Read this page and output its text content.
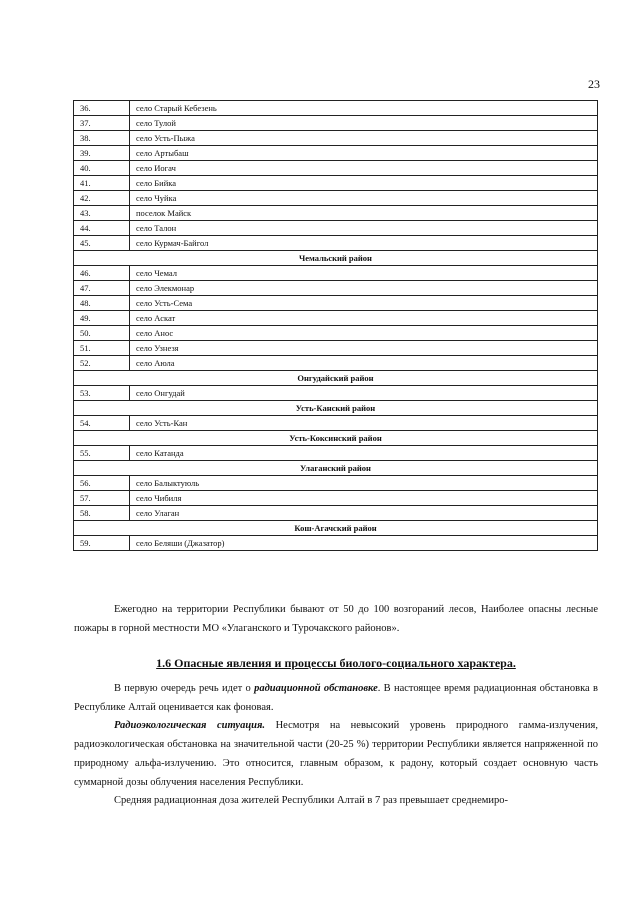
23
36.	село Старый Кебезень
37.	село Тулой
38.	село Усть-Пыжа
39.	село Артыбаш
40.	село Иогач
41.	село Бийка
42.	село Чуйка
43.	поселок Майск
44.	село Талон
45.	село Курмач-Байгол
Чемальский район	
46.	село Чемал
47.	село Элекмонар
48.	село Усть-Сема
49.	село Аскат
50.	село Анос
51.	село Узнезя
52.	село Аюла
Онгудайский район	
53.	село Онгудай
Усть-Канский район	
54.	село Усть-Кан
Усть-Коксинский район	
55.	село Катанда
Улаганский район	
56.	село Балыктуюль
57.	село Чибиля
58.	село Улаган
Кош-Агачский район	
59.	село Беляши (Джазатор)
Ежегодно на территории Республики бывают от 50 до 100 возгораний лесов, Наиболее опасны лесные пожары в горной местности МО «Улаганского и Турочакского районов».
1.6 Опасные явления и процессы биолого-социального характера.

В первую очередь речь идет о радиационной обстановке. В настоящее время радиационная обстановка в Республике Алтай оценивается как фоновая.

Радиоэкологическая ситуация. Несмотря на невысокий уровень природного гамма-излучения, радиоэкологическая обстановка на значительной части (20-25 %) территории Республики является напряженной по природному альфа-излучению. Это относится, главным образом, к радону, который создает основную часть суммарной дозы облучения населения Республики.

Средняя радиационная доза жителей Республики Алтай в 7 раз превышает среднемиро-
